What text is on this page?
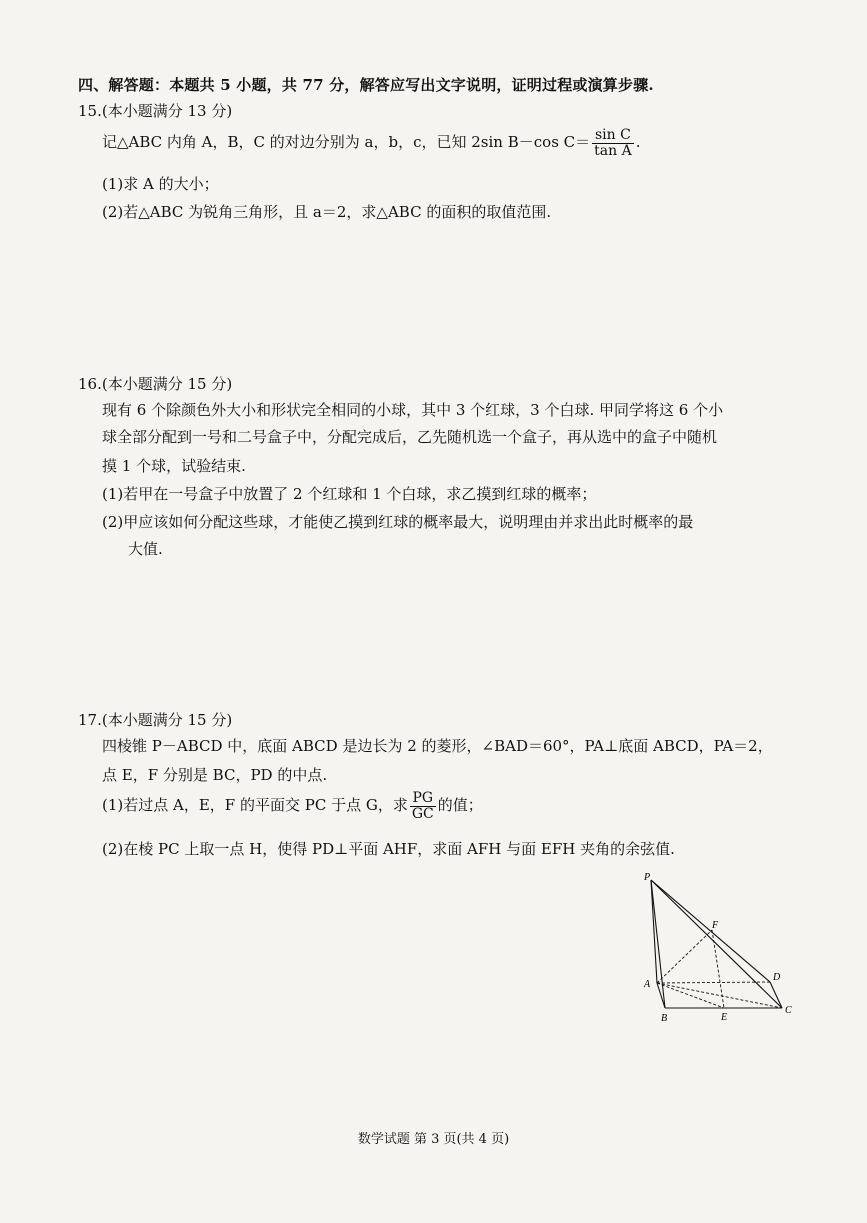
四、解答题：本题共 5 小题，共 77 分，解答应写出文字说明，证明过程或演算步骤.
15.(本小题满分 13 分)
记△ABC 内角 A，B，C 的对边分别为 a，b，c，已知 2sin B－cos $C= \frac{\text{sin C}}{\text{tan A}}$ .
(1)求 A 的大小；
(2)若△ABC 为锐角三角形，且 a＝2，求△ABC 的面积的取值范围.
16.(本小题满分 15 分)
现有 6 个除颜色外大小和形状完全相同的小球，其中 3 个红球，3 个白球. 甲同学将这 6 个小
球全部分配到一号和二号盒子中，分配完成后，乙先随机选一个盒子，再从选中的盒子中随机
摸 1 个球，试验结束.
(1)若甲在一号盒子中放置了 2 个红球和 1 个白球，求乙摸到红球的概率；
(2)甲应该如何分配这些球，才能使乙摸到红球的概率最大，说明理由并求出此时概率的最
大值.
17.(本小题满分 15 分)
四棱锥 P－ABCD 中，底面 ABCD 是边长为 2 的菱形，∠BAD＝60°，PA⊥底面 ABCD，PA＝2，
点 E，F 分别是 BC，PD 的中点.
(1)若过点 A，E，F 的平面交 PC 于点 G，求 $\frac{PG}{GC}$ 的值；
(2)在棱 PC 上取一点 H，使得 PD⊥平面 AHF，求面 AFH 与面 EFH 夹角的余弦值.
P
F
D
A
B	E
C
数学试题 第 3 页(共 4 页)
